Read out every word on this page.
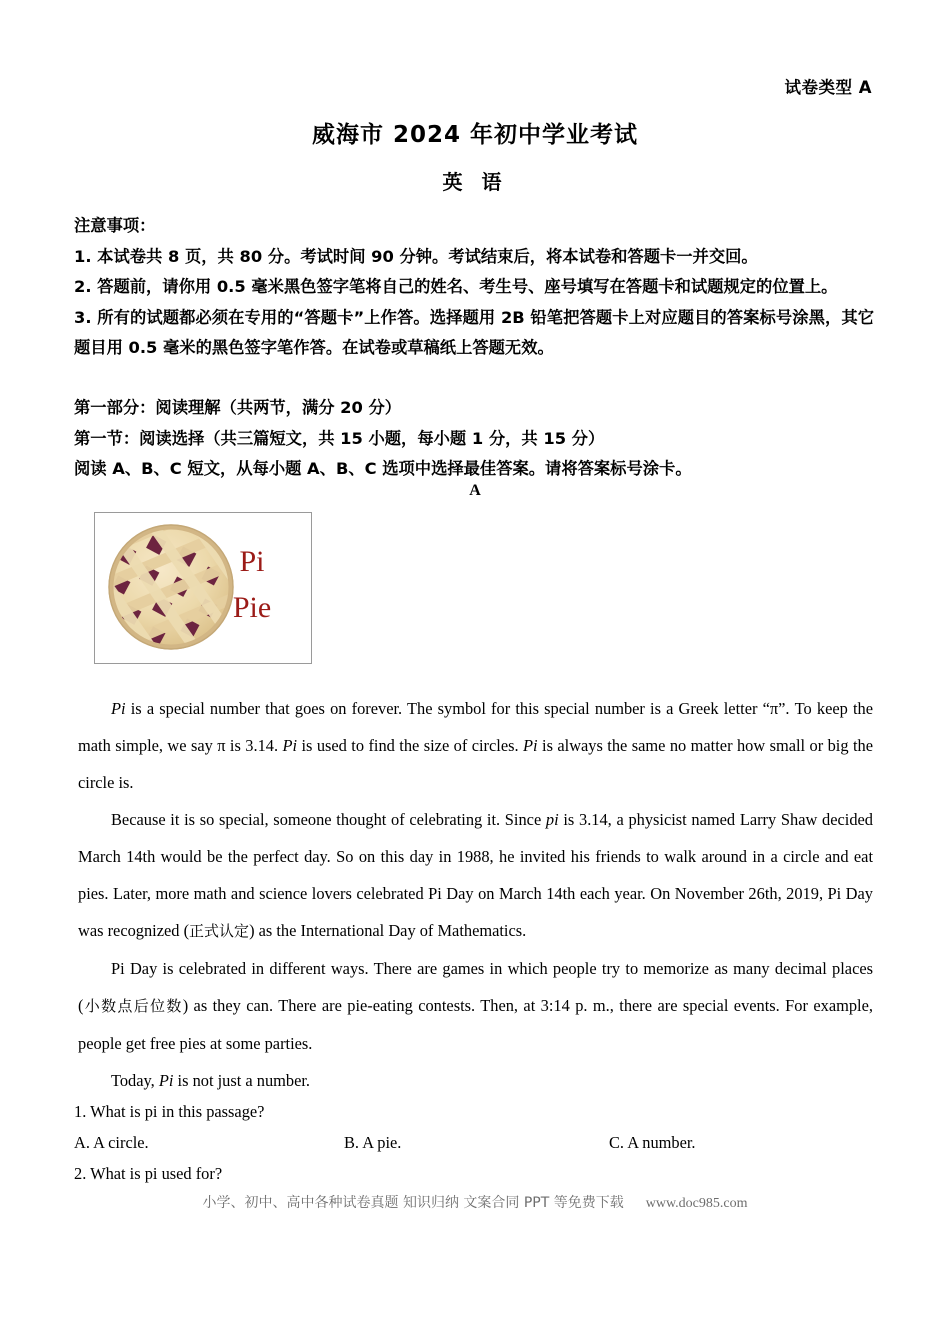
试卷类型 A
威海市 2024 年初中学业考试
英 语

注意事项：

1. 本试卷共 8 页，共 80 分。考试时间 90 分钟。考试结束后，将本试卷和答题卡一并交回。

2. 答题前，请你用 0.5 毫米黑色签字笔将自己的姓名、考生号、座号填写在答题卡和试题规定的位置上。

3. 所有的试题都必须在专用的“答题卡”上作答。选择题用 2B 铅笔把答题卡上对应题目的答案标号涂黑，其它题目用 0.5 毫米的黑色签字笔作答。在试卷或草稿纸上答题无效。

第一部分：阅读理解（共两节，满分 20 分）

第一节：阅读选择（共三篇短文，共 15 小题，每小题 1 分，共 15 分）

阅读 A、B、C 短文，从每小题 A、B、C 选项中选择最佳答案。请将答案标号涂卡。

A
Pi
Pie

Pi is a special number that goes on forever. The symbol for this special number is a Greek letter “π”. To keep the math simple, we say π is 3.14. Pi is used to find the size of circles. Pi is always the same no matter how small or big the circle is.

Because it is so special, someone thought of celebrating it. Since pi is 3.14, a physicist named Larry Shaw decided March 14th would be the perfect day. So on this day in 1988, he invited his friends to walk around in a circle and eat pies. Later, more math and science lovers celebrated Pi Day on March 14th each year. On November 26th, 2019, Pi Day was recognized (正式认定) as the International Day of Mathematics.

Pi Day is celebrated in different ways. There are games in which people try to memorize as many decimal places (小数点后位数) as they can. There are pie-eating contests. Then, at 3:14 p. m., there are special events. For example, people get free pies at some parties.

Today, Pi is not just a number.

1. What is pi in this passage?

A. A circle.	B. A pie.	C. A number.

2. What is pi used for?

小学、初中、高中各种试卷真题 知识归纳 文案合同 PPT 等免费下载 www.doc985.com
